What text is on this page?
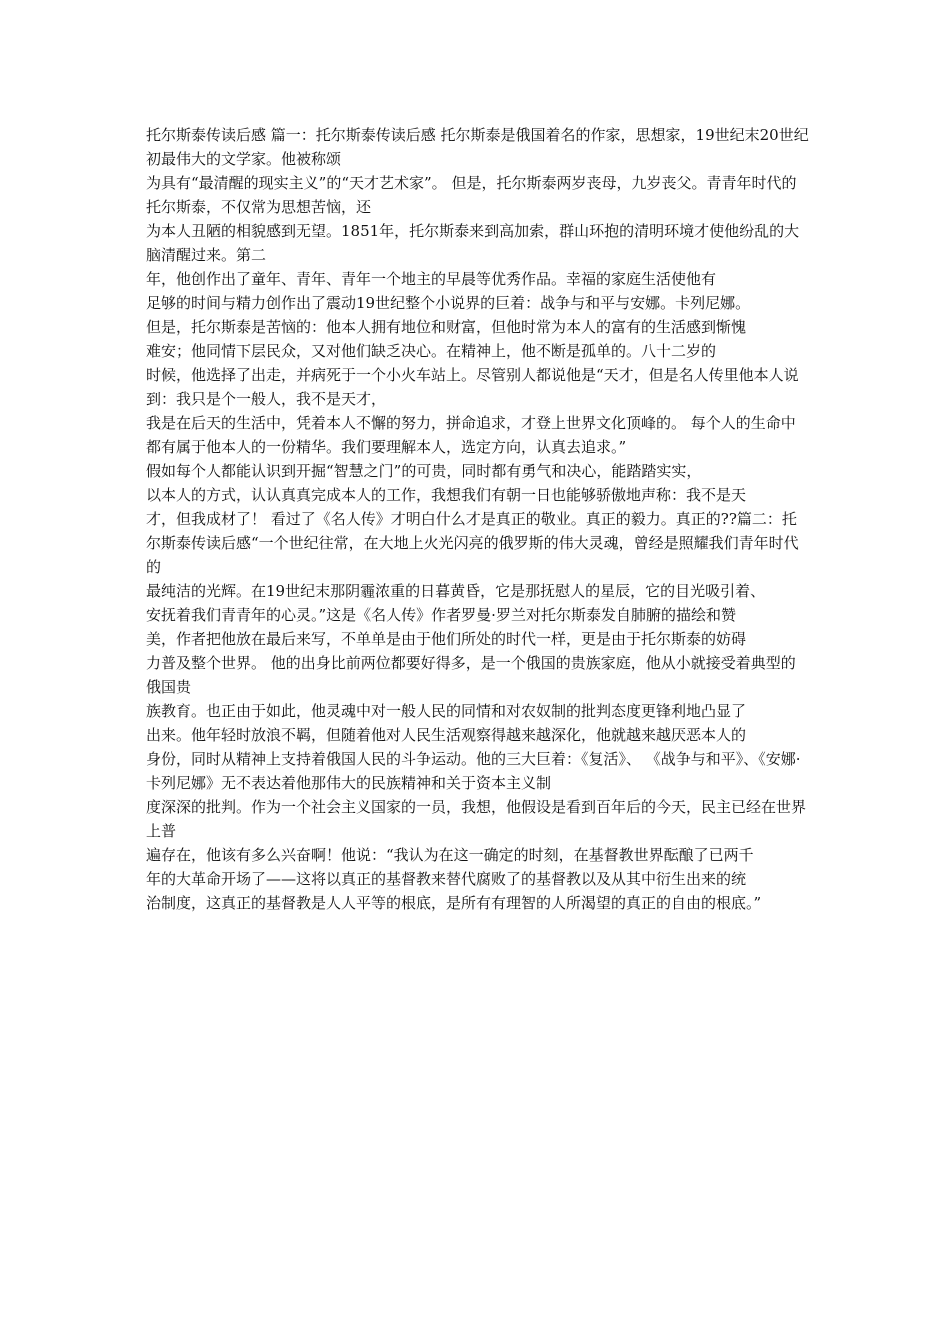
托尔斯泰传读后感 篇一：托尔斯泰传读后感 托尔斯泰是俄国着名的作家，思想家，19世纪末20世纪初最伟大的文学家。他被称颂

为具有“最清醒的现实主义”的“天才艺术家”。 但是，托尔斯泰两岁丧母，九岁丧父。青青年时代的托尔斯泰，不仅常为思想苦恼，还

为本人丑陋的相貌感到无望。1851年，托尔斯泰来到高加索，群山环抱的清明环境才使他纷乱的大脑清醒过来。第二

年，他创作出了童年、青年、青年一个地主的早晨等优秀作品。幸福的家庭生活使他有

足够的时间与精力创作出了震动19世纪整个小说界的巨着：战争与和平与安娜。卡列尼娜。

但是，托尔斯泰是苦恼的：他本人拥有地位和财富，但他时常为本人的富有的生活感到惭愧

难安；他同情下层民众，又对他们缺乏决心。在精神上，他不断是孤单的。八十二岁的

时候，他选择了出走，并病死于一个小火车站上。尽管别人都说他是“天才，但是名人传里他本人说到：我只是个一般人，我不是天才，

我是在后天的生活中，凭着本人不懈的努力，拼命追求，才登上世界文化顶峰的。 每个人的生命中都有属于他本人的一份精华。我们要理解本人，选定方向，认真去追求。”

假如每个人都能认识到开掘“智慧之门”的可贵，同时都有勇气和决心，能踏踏实实，

以本人的方式，认认真真完成本人的工作，我想我们有朝一日也能够骄傲地声称：我不是天

才，但我成材了！ 看过了《名人传》才明白什么才是真正的敬业。真正的毅力。真正的??篇二：托尔斯泰传读后感“一个世纪往常，在大地上火光闪亮的俄罗斯的伟大灵魂，曾经是照耀我们青年时代的

最纯洁的光辉。在19世纪末那阴霾浓重的日暮黄昏，它是那抚慰人的星辰，它的目光吸引着、

安抚着我们青青年的心灵。”这是《名人传》作者罗曼·罗兰对托尔斯泰发自肺腑的描绘和赞

美，作者把他放在最后来写，不单单是由于他们所处的时代一样，更是由于托尔斯泰的妨碍

力普及整个世界。 他的出身比前两位都要好得多，是一个俄国的贵族家庭，他从小就接受着典型的俄国贵

族教育。也正由于如此，他灵魂中对一般人民的同情和对农奴制的批判态度更锋利地凸显了

出来。他年轻时放浪不羁，但随着他对人民生活观察得越来越深化，他就越来越厌恶本人的

身份，同时从精神上支持着俄国人民的斗争运动。他的三大巨着：《复活》、 《战争与和平》、《安娜·卡列尼娜》无不表达着他那伟大的民族精神和关于资本主义制

度深深的批判。作为一个社会主义国家的一员，我想，他假设是看到百年后的今天，民主已经在世界上普

遍存在，他该有多么兴奋啊！他说：“我认为在这一确定的时刻，在基督教世界酝酿了已两千

年的大革命开场了——这将以真正的基督教来替代腐败了的基督教以及从其中衍生出来的统

治制度，这真正的基督教是人人平等的根底，是所有有理智的人所渴望的真正的自由的根底。”
